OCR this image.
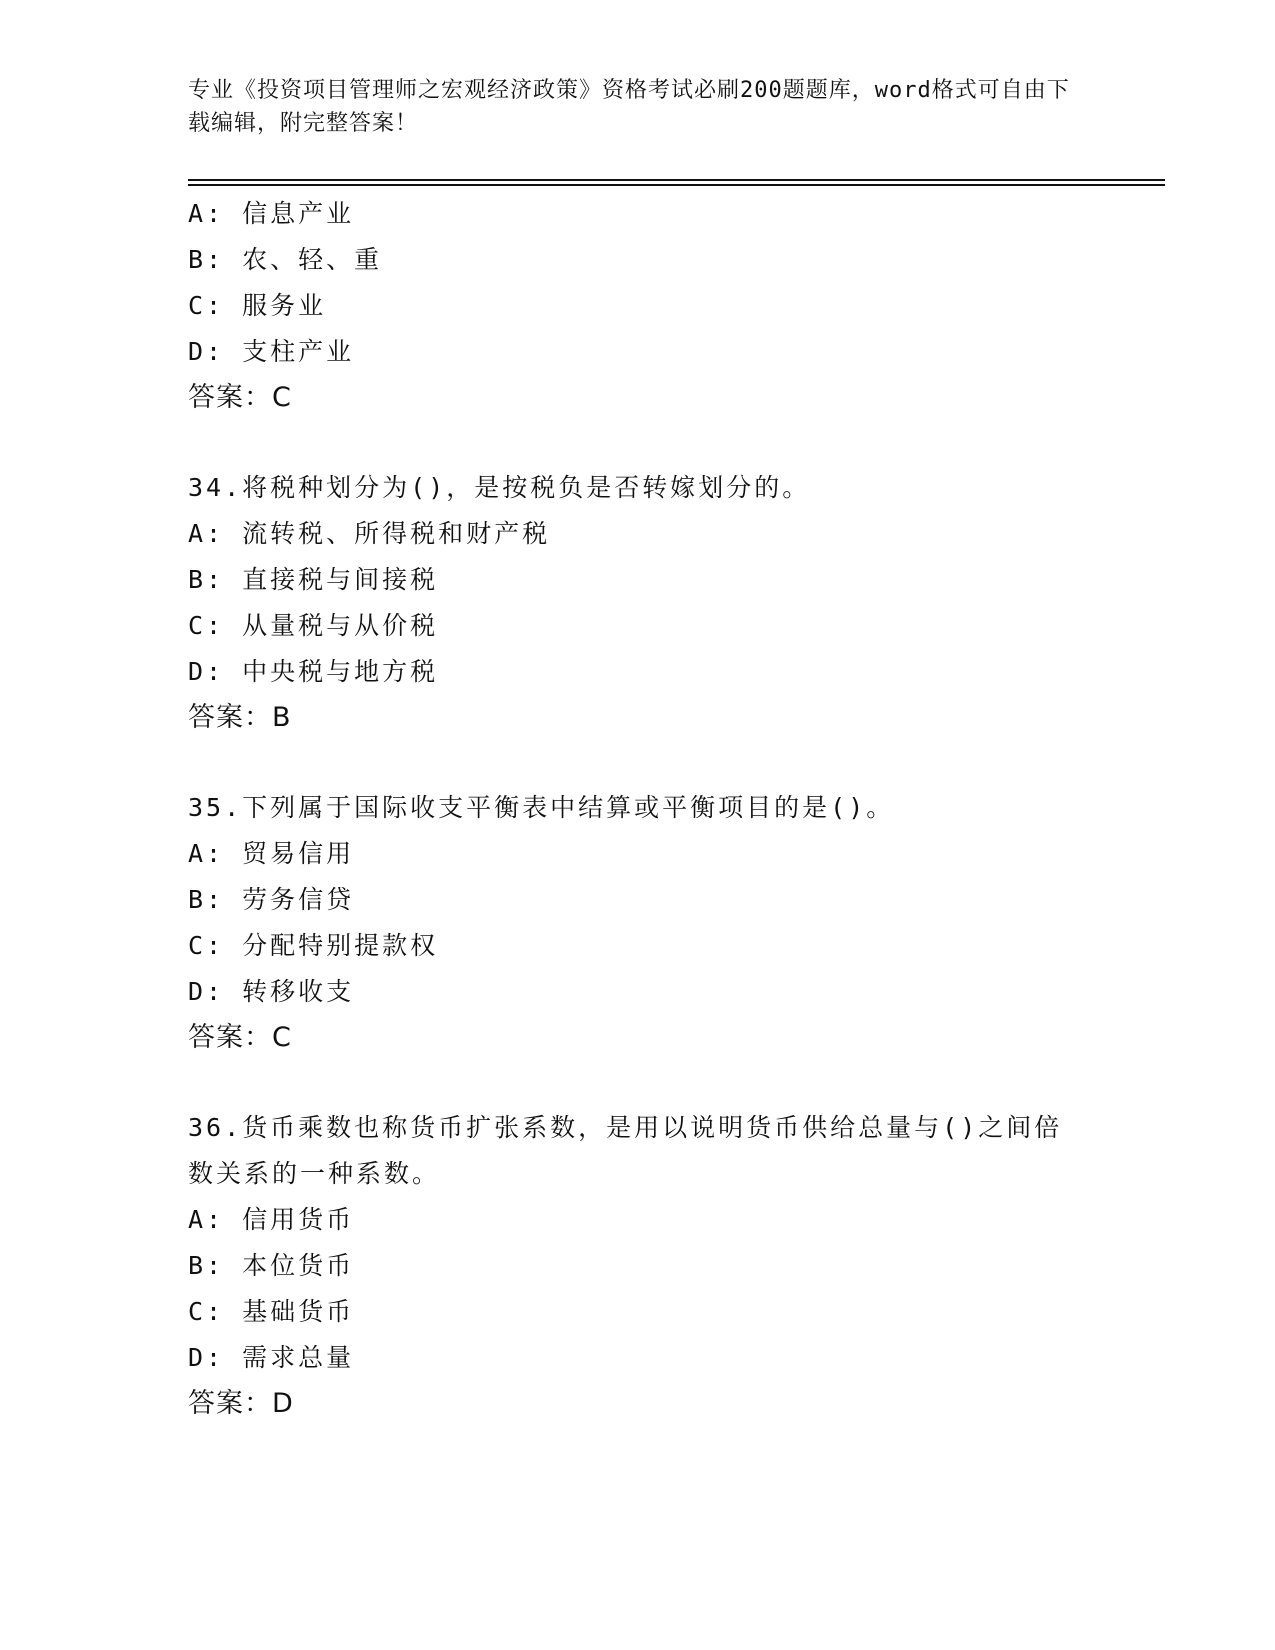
专业《投资项目管理师之宏观经济政策》资格考试必刷200题题库，word格式可自由下载编辑，附完整答案！
A: 信息产业
B: 农、轻、重
C: 服务业
D: 支柱产业
答案：C
34.将税种划分为()，是按税负是否转嫁划分的。
A: 流转税、所得税和财产税
B: 直接税与间接税
C: 从量税与从价税
D: 中央税与地方税
答案：B
35.下列属于国际收支平衡表中结算或平衡项目的是()。
A: 贸易信用
B: 劳务信贷
C: 分配特别提款权
D: 转移收支
答案：C
36.货币乘数也称货币扩张系数，是用以说明货币供给总量与()之间倍数关系的一种系数。
A: 信用货币
B: 本位货币
C: 基础货币
D: 需求总量
答案：D
